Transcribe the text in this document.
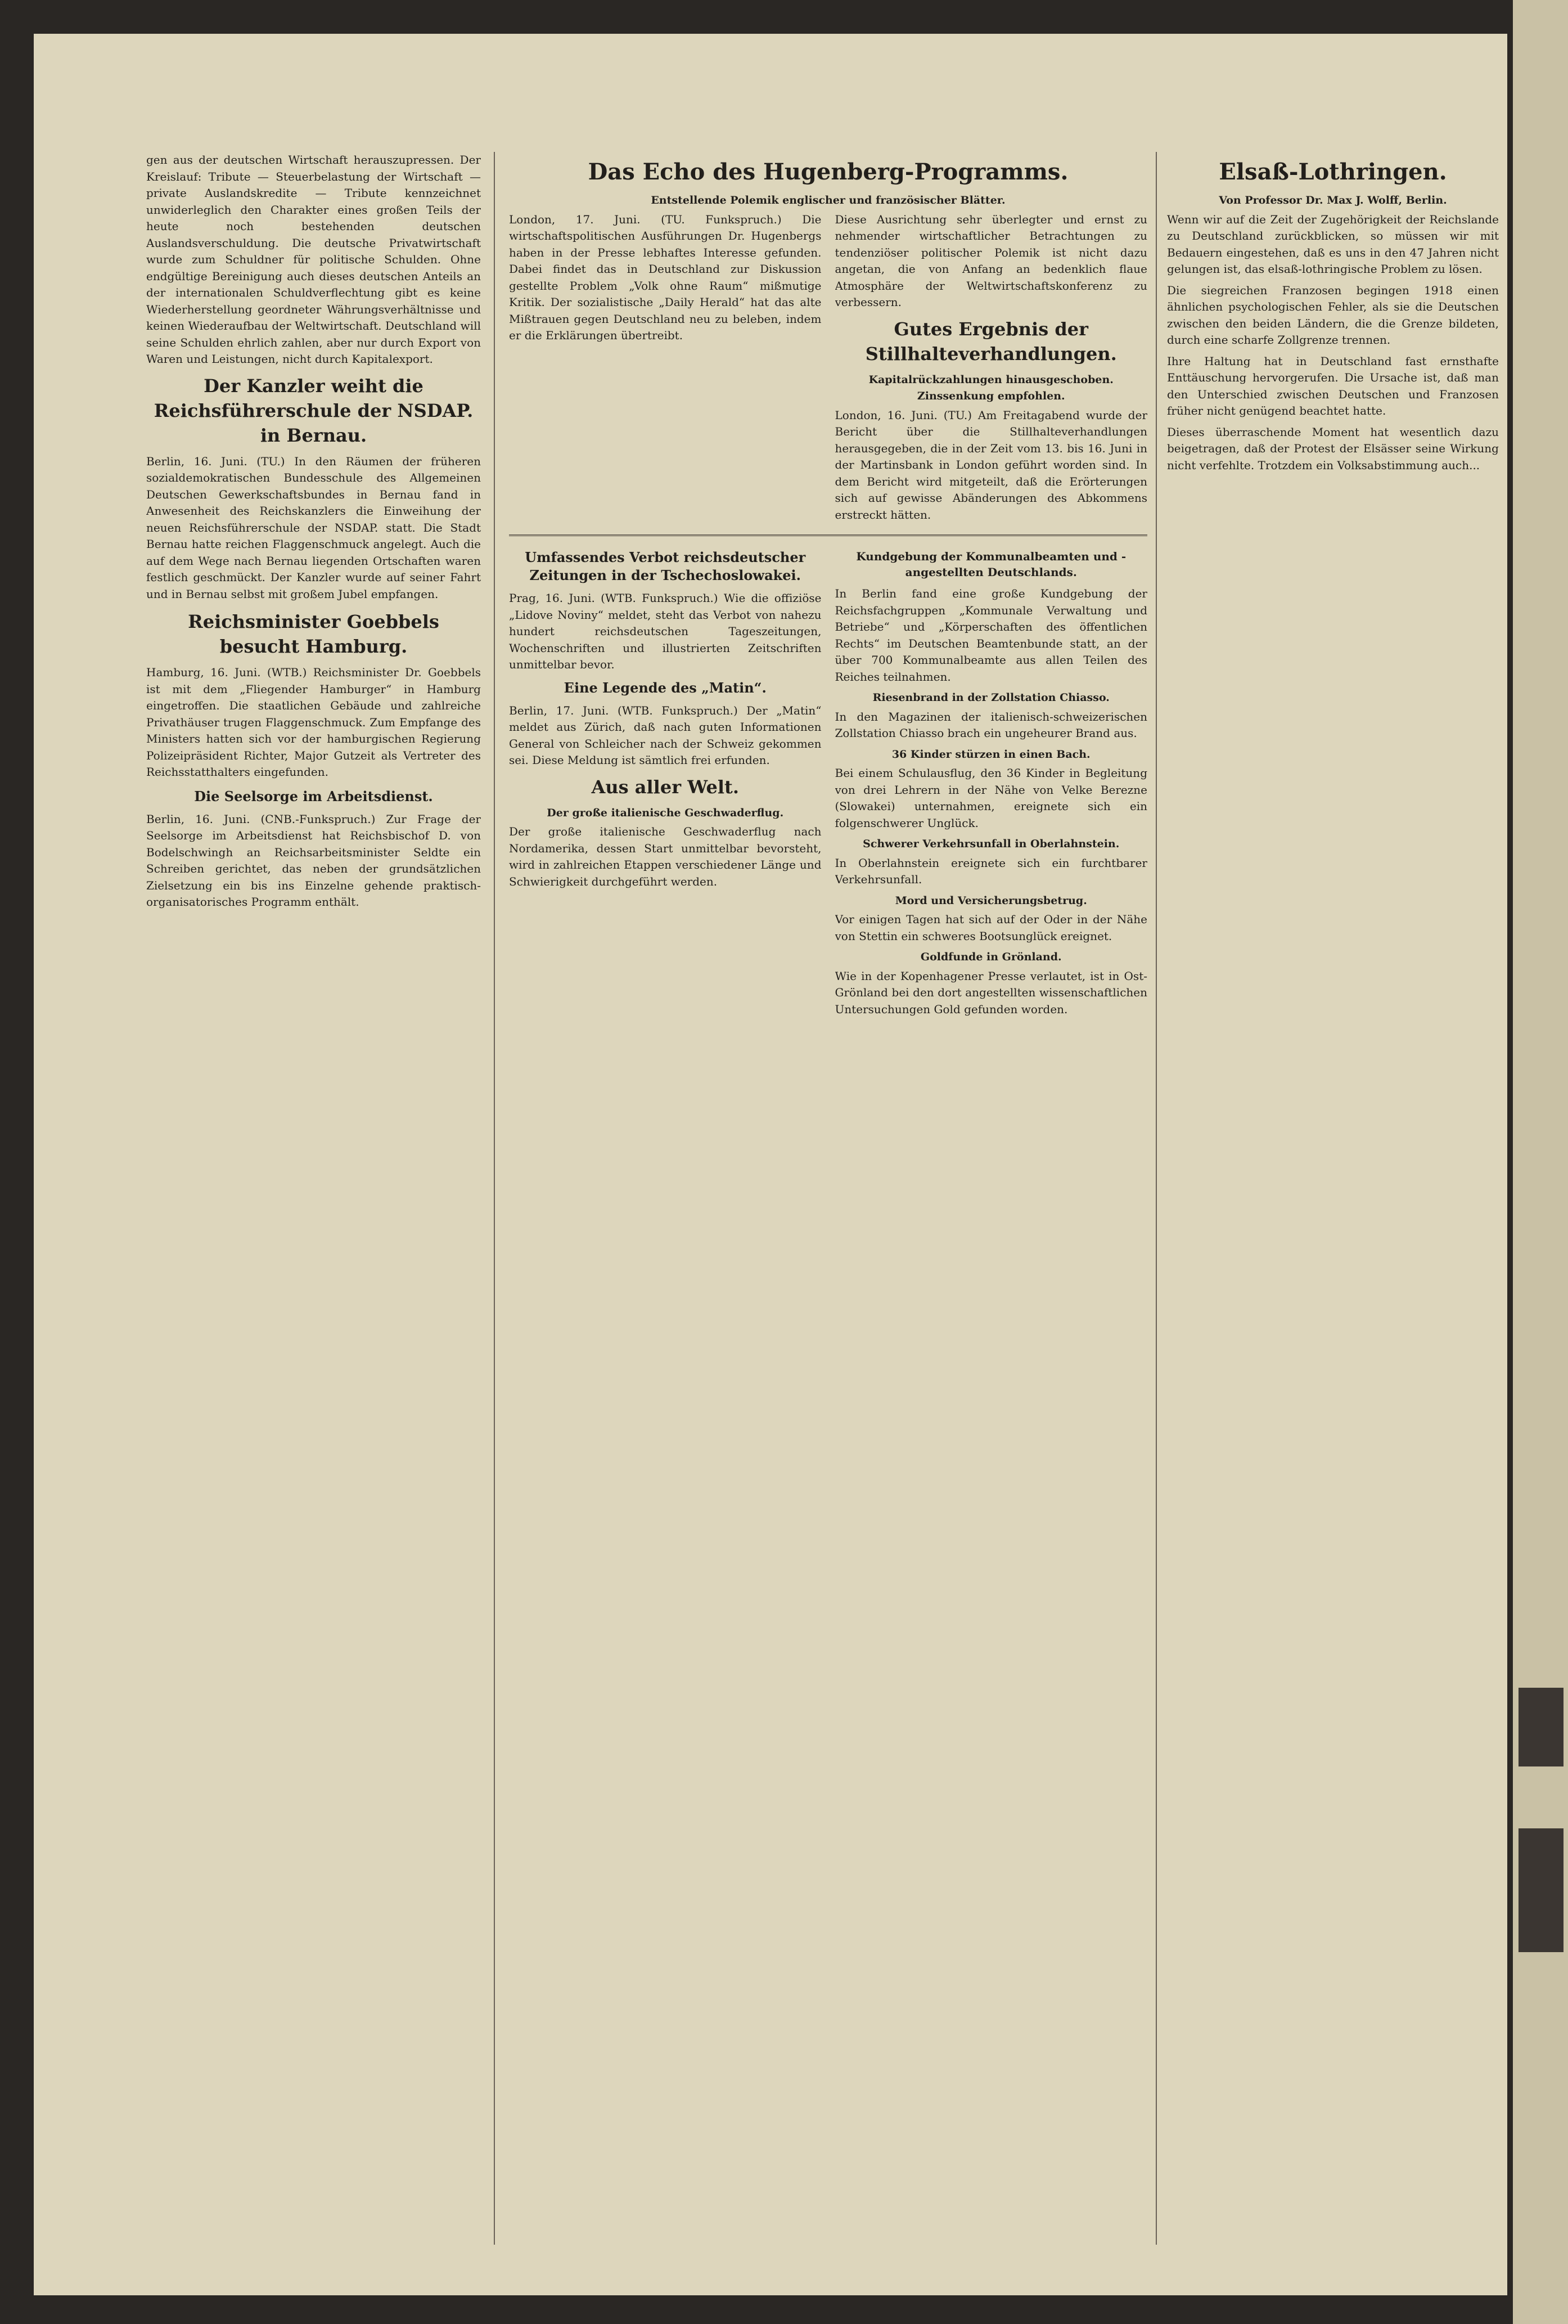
gen aus der deutschen Wirtschaft herauszupressen. Der Kreislauf: Tribute — Steuerbelastung der Wirtschaft — private Auslandskredite — Tribute kennzeichnet unwiderleglich den Charakter eines großen Teils der heute noch bestehenden deutschen Auslandsverschuldung. Die deutsche Privatwirtschaft wurde zum Schuldner für politische Schulden. Ohne endgültige Bereinigung auch dieses deutschen Anteils an der internationalen Schuldverflechtung gibt es keine Wiederherstellung geordneter Währungsverhältnisse und keinen Wiederaufbau der Weltwirtschaft. Deutschland will seine Schulden ehrlich zahlen, aber nur durch Export von Waren und Leistungen, nicht durch Kapitalexport.

Der Kanzler weiht die Reichsführerschule der NSDAP. in Bernau.

Berlin, 16. Juni. (TU.) In den Räumen der früheren sozialdemokratischen Bundesschule des Allgemeinen Deutschen Gewerkschaftsbundes in Bernau fand in Anwesenheit des Reichskanzlers die Einweihung der neuen Reichsführerschule der NSDAP. statt. Die Stadt Bernau hatte reichen Flaggenschmuck angelegt. Auch die auf dem Wege nach Bernau liegenden Ortschaften waren festlich geschmückt. Der Kanzler wurde auf seiner Fahrt und in Bernau selbst mit großem Jubel empfangen.

Reichsminister Goebbels besucht Hamburg.

Hamburg, 16. Juni. (WTB.) Reichsminister Dr. Goebbels ist mit dem „Fliegender Hamburger“ in Hamburg eingetroffen. Die staatlichen Gebäude und zahlreiche Privathäuser trugen Flaggenschmuck. Zum Empfange des Ministers hatten sich vor der hamburgischen Regierung Polizeipräsident Richter, Major Gutzeit als Vertreter des Reichsstatthalters eingefunden.

Die Seelsorge im Arbeitsdienst.

Berlin, 16. Juni. (CNB.-Funkspruch.) Zur Frage der Seelsorge im Arbeitsdienst hat Reichsbischof D. von Bodelschwingh an Reichsarbeitsminister Seldte ein Schreiben gerichtet, das neben der grundsätzlichen Zielsetzung ein bis ins Einzelne gehende praktisch-organisatorisches Programm enthält.

Das Echo des Hugenberg-Programms.
Entstellende Polemik englischer und französischer Blätter.

London, 17. Juni. (TU. Funkspruch.) Die wirtschaftspolitischen Ausführungen Dr. Hugenbergs haben in der Presse lebhaftes Interesse gefunden. Dabei findet das in Deutschland zur Diskussion gestellte Problem „Volk ohne Raum“ mißmutige Kritik. Der sozialistische „Daily Herald“ hat das alte Mißtrauen gegen Deutschland neu zu beleben, indem er die Erklärungen übertreibt.

Diese Ausrichtung sehr überlegter und ernst zu nehmender wirtschaftlicher Betrachtungen zu tendenziöser politischer Polemik ist nicht dazu angetan, die von Anfang an bedenklich flaue Atmosphäre der Weltwirtschaftskonferenz zu verbessern.

Gutes Ergebnis der Stillhalteverhandlungen.
Kapitalrückzahlungen hinausgeschoben. Zinssenkung empfohlen.

London, 16. Juni. (TU.) Am Freitagabend wurde der Bericht über die Stillhalteverhandlungen herausgegeben, die in der Zeit vom 13. bis 16. Juni in der Martinsbank in London geführt worden sind. In dem Bericht wird mitgeteilt, daß die Erörterungen sich auf gewisse Abänderungen des Abkommens erstreckt hätten.

Umfassendes Verbot reichsdeutscher Zeitungen in der Tschechoslowakei.

Prag, 16. Juni. (WTB. Funkspruch.) Wie die offiziöse „Lidove Noviny“ meldet, steht das Verbot von nahezu hundert reichsdeutschen Tageszeitungen, Wochenschriften und illustrierten Zeitschriften unmittelbar bevor.

Eine Legende des „Matin“.

Berlin, 17. Juni. (WTB. Funkspruch.) Der „Matin“ meldet aus Zürich, daß nach guten Informationen General von Schleicher nach der Schweiz gekommen sei. Diese Meldung ist sämtlich frei erfunden.

Aus aller Welt.
Der große italienische Geschwaderflug.

Der große italienische Geschwaderflug nach Nordamerika, dessen Start unmittelbar bevorsteht, wird in zahlreichen Etappen verschiedener Länge und Schwierigkeit durchgeführt werden.

Kundgebung der Kommunalbeamten und -angestellten Deutschlands.

In Berlin fand eine große Kundgebung der Reichsfachgruppen „Kommunale Verwaltung und Betriebe“ und „Körperschaften des öffentlichen Rechts“ im Deutschen Beamtenbunde statt, an der über 700 Kommunalbeamte aus allen Teilen des Reiches teilnahmen.

Riesenbrand in der Zollstation Chiasso.

In den Magazinen der italienisch-schweizerischen Zollstation Chiasso brach ein ungeheurer Brand aus.

36 Kinder stürzen in einen Bach.

Bei einem Schulausflug, den 36 Kinder in Begleitung von drei Lehrern in der Nähe von Velke Berezne (Slowakei) unternahmen, ereignete sich ein folgenschwerer Unglück.

Schwerer Verkehrsunfall in Oberlahnstein.

In Oberlahnstein ereignete sich ein furchtbarer Verkehrsunfall.

Mord und Versicherungsbetrug.

Vor einigen Tagen hat sich auf der Oder in der Nähe von Stettin ein schweres Bootsunglück ereignet.

Goldfunde in Grönland.

Wie in der Kopenhagener Presse verlautet, ist in Ost-Grönland bei den dort angestellten wissenschaftlichen Untersuchungen Gold gefunden worden.

Elsaß-Lothringen.
Von Professor Dr. Max J. Wolff, Berlin.

Wenn wir auf die Zeit der Zugehörigkeit der Reichslande zu Deutschland zurückblicken, so müssen wir mit Bedauern eingestehen, daß es uns in den 47 Jahren nicht gelungen ist, das elsaß-lothringische Problem zu lösen.

Die siegreichen Franzosen begingen 1918 einen ähnlichen psychologischen Fehler, als sie die Deutschen zwischen den beiden Ländern, die die Grenze bildeten, durch eine scharfe Zollgrenze trennen.

Ihre Haltung hat in Deutschland fast ernsthafte Enttäuschung hervorgerufen. Die Ursache ist, daß man den Unterschied zwischen Deutschen und Franzosen früher nicht genügend beachtet hatte.

Dieses überraschende Moment hat wesentlich dazu beigetragen, daß der Protest der Elsässer seine Wirkung nicht verfehlte. Trotzdem ein Volksabstimmung auch...
